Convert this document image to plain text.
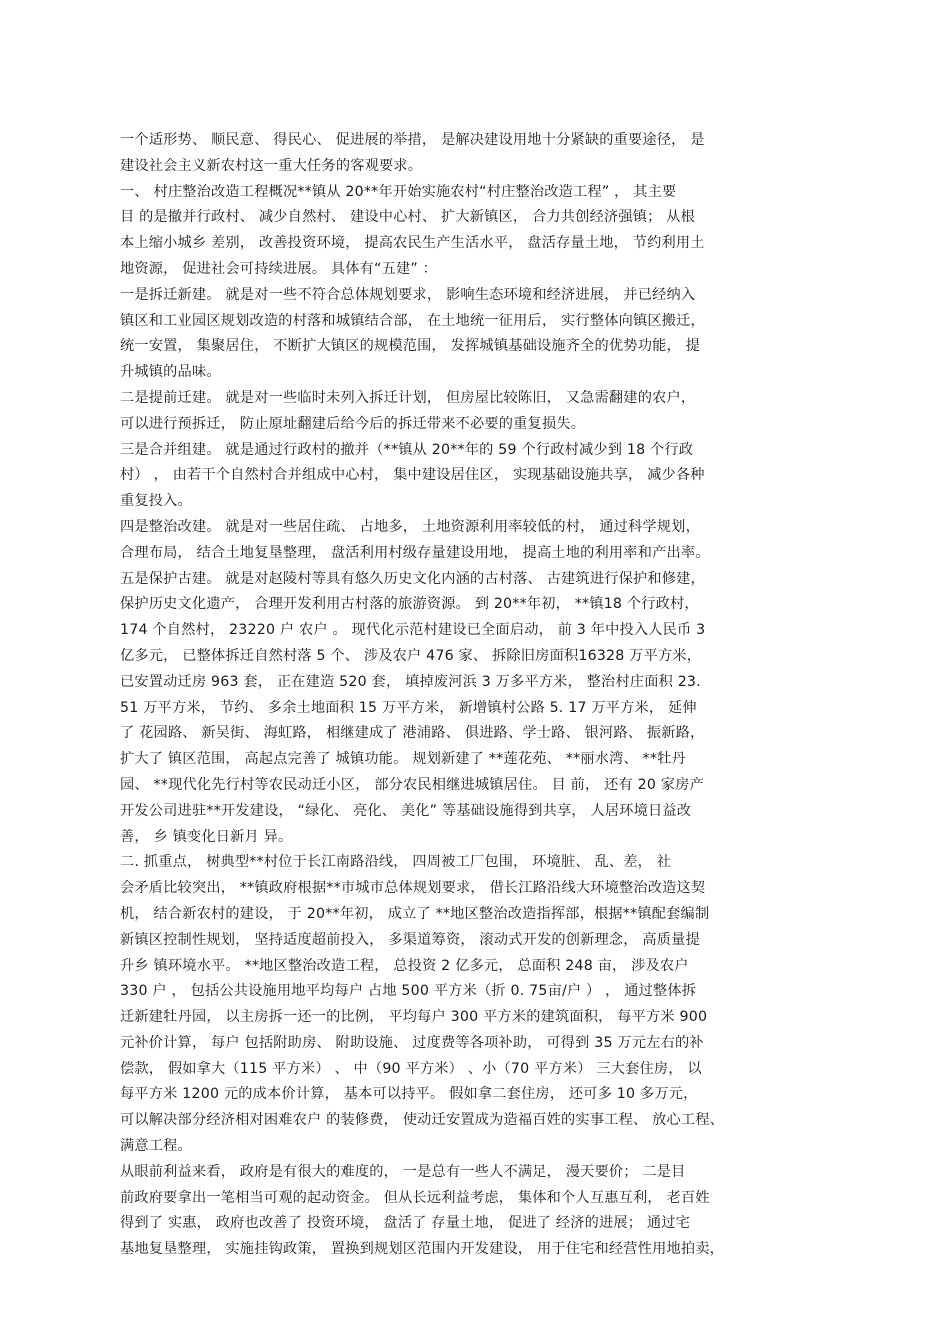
一个适形势、 顺民意、 得民心、 促进展的举措， 是解决建设用地十分紧缺的重要途径， 是
建设社会主义新农村这一重大任务的客观要求。
一、 村庄整治改造工程概况**镇从 20**年开始实施农村“村庄整治改造工程” ， 其主要
目 的是撤并行政村、 减少自然村、 建设中心村、 扩大新镇区， 合力共创经济强镇； 从根
本上缩小城乡 差别， 改善投资环境， 提高农民生产生活水平， 盘活存量土地， 节约利用土
地资源， 促进社会可持续进展。 具体有“五建” ：
一是拆迁新建。 就是对一些不符合总体规划要求， 影响生态环境和经济进展， 并已经纳入
镇区和工业园区规划改造的村落和城镇结合部， 在土地统一征用后， 实行整体向镇区搬迁，
统一安置， 集聚居住， 不断扩大镇区的规模范围， 发挥城镇基础设施齐全的优势功能， 提
升城镇的品味。
二是提前迁建。 就是对一些临时未列入拆迁计划， 但房屋比较陈旧， 又急需翻建的农户，
可以进行预拆迁， 防止原址翻建后给今后的拆迁带来不必要的重复损失。
三是合并组建。 就是通过行政村的撤并（**镇从 20**年的 59 个行政村减少到 18 个行政
村） ， 由若干个自然村合并组成中心村， 集中建设居住区， 实现基础设施共享， 减少各种
重复投入。
四是整治改建。 就是对一些居住疏、 占地多， 土地资源利用率较低的村， 通过科学规划，
合理布局， 结合土地复垦整理， 盘活利用村级存量建设用地， 提高土地的利用率和产出率。
五是保护古建。 就是对赵陵村等具有悠久历史文化内涵的古村落、 古建筑进行保护和修建，
保护历史文化遗产， 合理开发利用古村落的旅游资源。 到 20**年初， **镇18 个行政村，
174 个自然村， 23220 户 农户 。 现代化示范村建设已全面启动， 前 3 年中投入人民币 3
亿多元， 已整体拆迁自然村落 5 个、 涉及农户 476 家、 拆除旧房面积16328 万平方米，
已安置动迁房 963 套， 正在建造 520 套， 填掉废河浜 3 万多平方米， 整治村庄面积 23.
51 万平方米， 节约、 多余土地面积 15 万平方米， 新增镇村公路 5. 17 万平方米， 延伸
了 花园路、 新吴街、 海虹路， 相继建成了 港浦路、 俱进路、学士路、 银河路、 振新路，
扩大了 镇区范围， 高起点完善了 城镇功能。 规划新建了 **莲花苑、 **丽水湾、 **牡丹
园、 **现代化先行村等农民动迁小区， 部分农民相继进城镇居住。 目 前， 还有 20 家房产
开发公司进驻**开发建设， “绿化、 亮化、 美化” 等基础设施得到共享， 人居环境日益改
善， 乡 镇变化日新月 异。
二. 抓重点， 树典型**村位于长江南路沿线， 四周被工厂包围， 环境脏、 乱、差， 社
会矛盾比较突出， **镇政府根据**市城市总体规划要求， 借长江路沿线大环境整治改造这契
机， 结合新农村的建设， 于 20**年初， 成立了 **地区整治改造指挥部，根据**镇配套编制
新镇区控制性规划， 坚持适度超前投入， 多渠道筹资， 滚动式开发的创新理念， 高质量提
升乡 镇环境水平。 **地区整治改造工程， 总投资 2 亿多元， 总面积 248 亩， 涉及农户
330 户 ， 包括公共设施用地平均每户 占地 500 平方米（折 0. 75亩/户 ） ， 通过整体拆
迁新建牡丹园， 以主房拆一还一的比例， 平均每户 300 平方米的建筑面积， 每平方米 900
元补价计算， 每户 包括附助房、 附助设施、 过度费等各项补助， 可得到 35 万元左右的补
偿款， 假如拿大（115 平方米） 、 中（90 平方米） 、小（70 平方米） 三大套住房， 以
每平方米 1200 元的成本价计算， 基本可以持平。 假如拿二套住房， 还可多 10 多万元，
可以解决部分经济相对困难农户 的装修费， 使动迁安置成为造福百姓的实事工程、 放心工程、
满意工程。
从眼前利益来看， 政府是有很大的难度的， 一是总有一些人不满足， 漫天要价； 二是目
前政府要拿出一笔相当可观的起动资金。 但从长远利益考虑， 集体和个人互惠互利， 老百姓
得到了 实惠， 政府也改善了 投资环境， 盘活了 存量土地， 促进了 经济的进展； 通过宅
基地复垦整理， 实施挂钩政策， 置换到规划区范围内开发建设， 用于住宅和经营性用地拍卖，
